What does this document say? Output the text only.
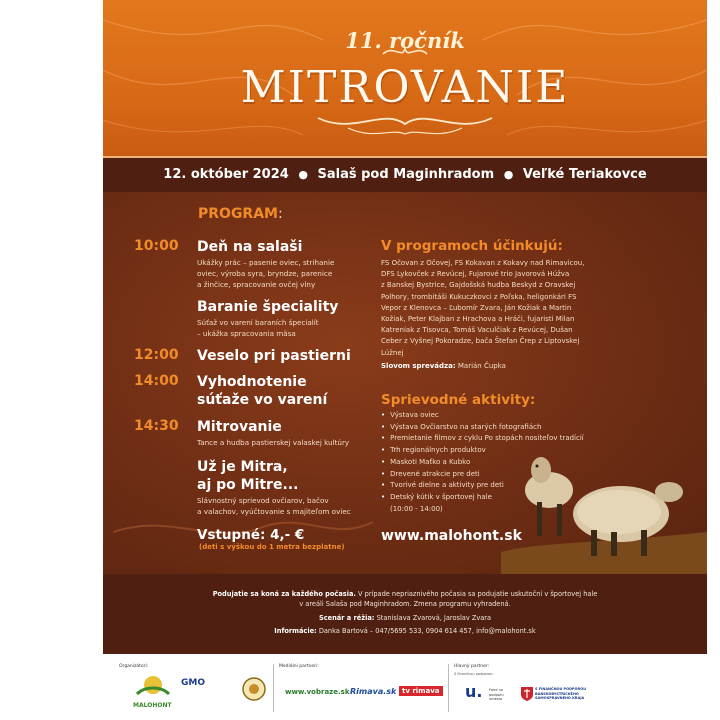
11. ročník
MITROVANIE
12. október 2024 ● Salaš pod Maginhradom ● Veľké Teriakovce
PROGRAM:
10:00 Deň na salaši
Ukážky prác – pasenie oviec, strihanie
oviec, výroba syra, bryndze, parenice
a žinčice, spracovanie ovčej vlny
Baranie špeciality
Súťaž vo varení baraních špecialít
– ukážka spracovania mäsa
12:00 Veselo pri pastierni
14:00 Vyhodnotenie
súťaže vo varení
14:30 Mitrovanie
Tance a hudba pastierskej valaskej kultúry
Už je Mitra,
aj po Mitre...
Slávnostný sprievod ovčiarov, bačov
a valachov, vyúčtovanie s majiteľom oviec
Vstupné: 4,- €
(deti s výškou do 1 metra bezplatne)
V programoch účinkujú:
FS Očovan z Očovej, FS Kokavan z Kokavy nad Rimavicou,
DFS Lykovček z Revúcej, Fujarové trio Javorová Húžva
z Banskej Bystrice, Gajdošská hudba Beskyd z Oravskej
Polhory, trombitáši Kukuczkovci z Poľska, heligonkári FS
Vepor z Klenovca – Ľubomír Zvara, Ján Kožiak a Martin
Kožiak, Peter Klajban z Hrachova a Hráči, fujaristi Milan
Katreniak z Tisovca, Tomáš Vaculčiak z Revúcej, Dušan
Ceber z Vyšnej Pokoradze, bača Štefan Črep z Liptovskej
Lúžnej
Slovom sprevádza: Marián Čupka
Sprievodné aktivity:
• Výstava oviec
• Výstava Ovčiarstvo na starých fotografiách
• Premietanie filmov z cyklu Po stopách nositeľov tradícií
• Trh regionálnych produktov
• Maskoti Maťko a Kubko
• Drevené atrakcie pre deti
• Tvorivé dielne a aktivity pre deti
• Detský kútik v športovej hale
(10:00 - 14:00)
www.malohont.sk
Podujatie sa koná za každého počasia. V prípade nepriaznivého počasia sa podujatie uskutoční v športovej hale
v areáli Salaša pod Maginhradom. Zmena programu vyhradená.
Scenár a réžia: Stanislava Zvarová, Jaroslav Zvara
Informácie: Danka Bartová – 047/5695 533, 0904 614 457, info@malohont.sk
Organizátori:
MALOHONT
GMO
Mediálni partneri:
www.vobraze.sk Rimava.sk tv rimava
Hlavný partner:
S finančnou podporou:
u. Fond na podporu umenia
S FINANČNOU PODPOROU BANSKOBYSTRICKÉHO SAMOSPRÁVNEHO KRAJA
